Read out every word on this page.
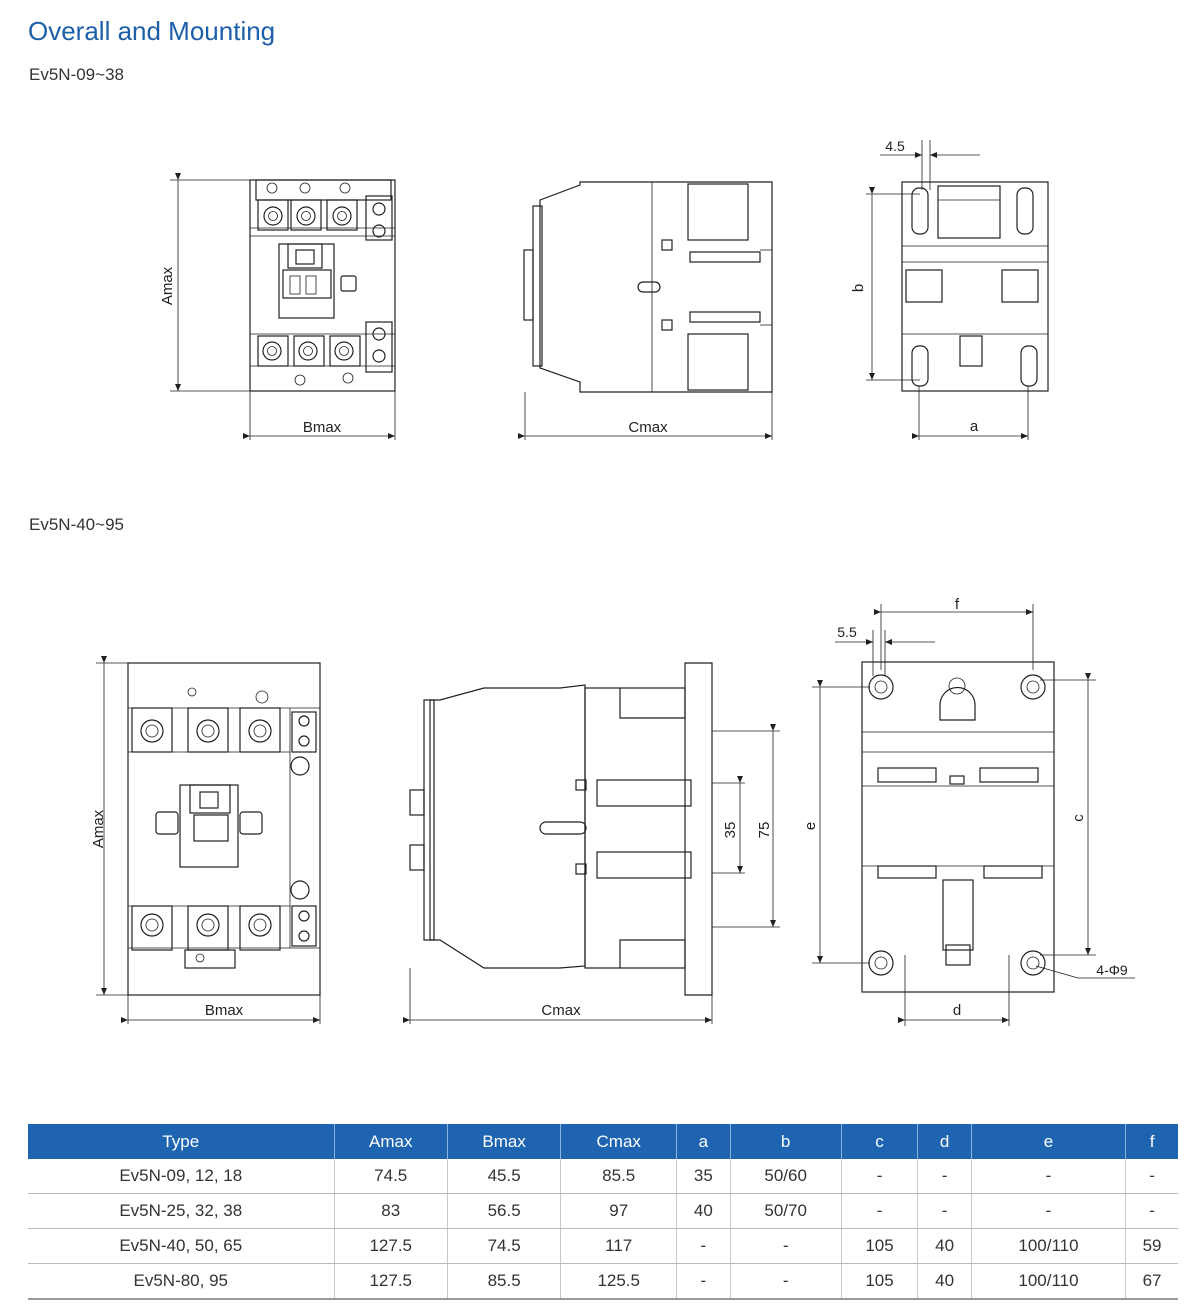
Overall and Mounting
Ev5N-09~38
Ev5N-40~95
Bmax
Amax
Cmax
4.5
b
a
Bmax
Amax	35 75
Cmax
f
5.5
e
c
d
4-Φ9
Type	Amax	Bmax	Cmax	a	b	c	d	e	f
Ev5N-09, 12, 18	74.5	45.5	85.5	35	50/60	-	-	-	-
Ev5N-25, 32, 38	83	56.5	97	40	50/70	-	-	-	-
Ev5N-40, 50, 65	127.5	74.5	117	-	-	105	40	100/110	59
Ev5N-80, 95	127.5	85.5	125.5	-	-	105	40	100/110	67
